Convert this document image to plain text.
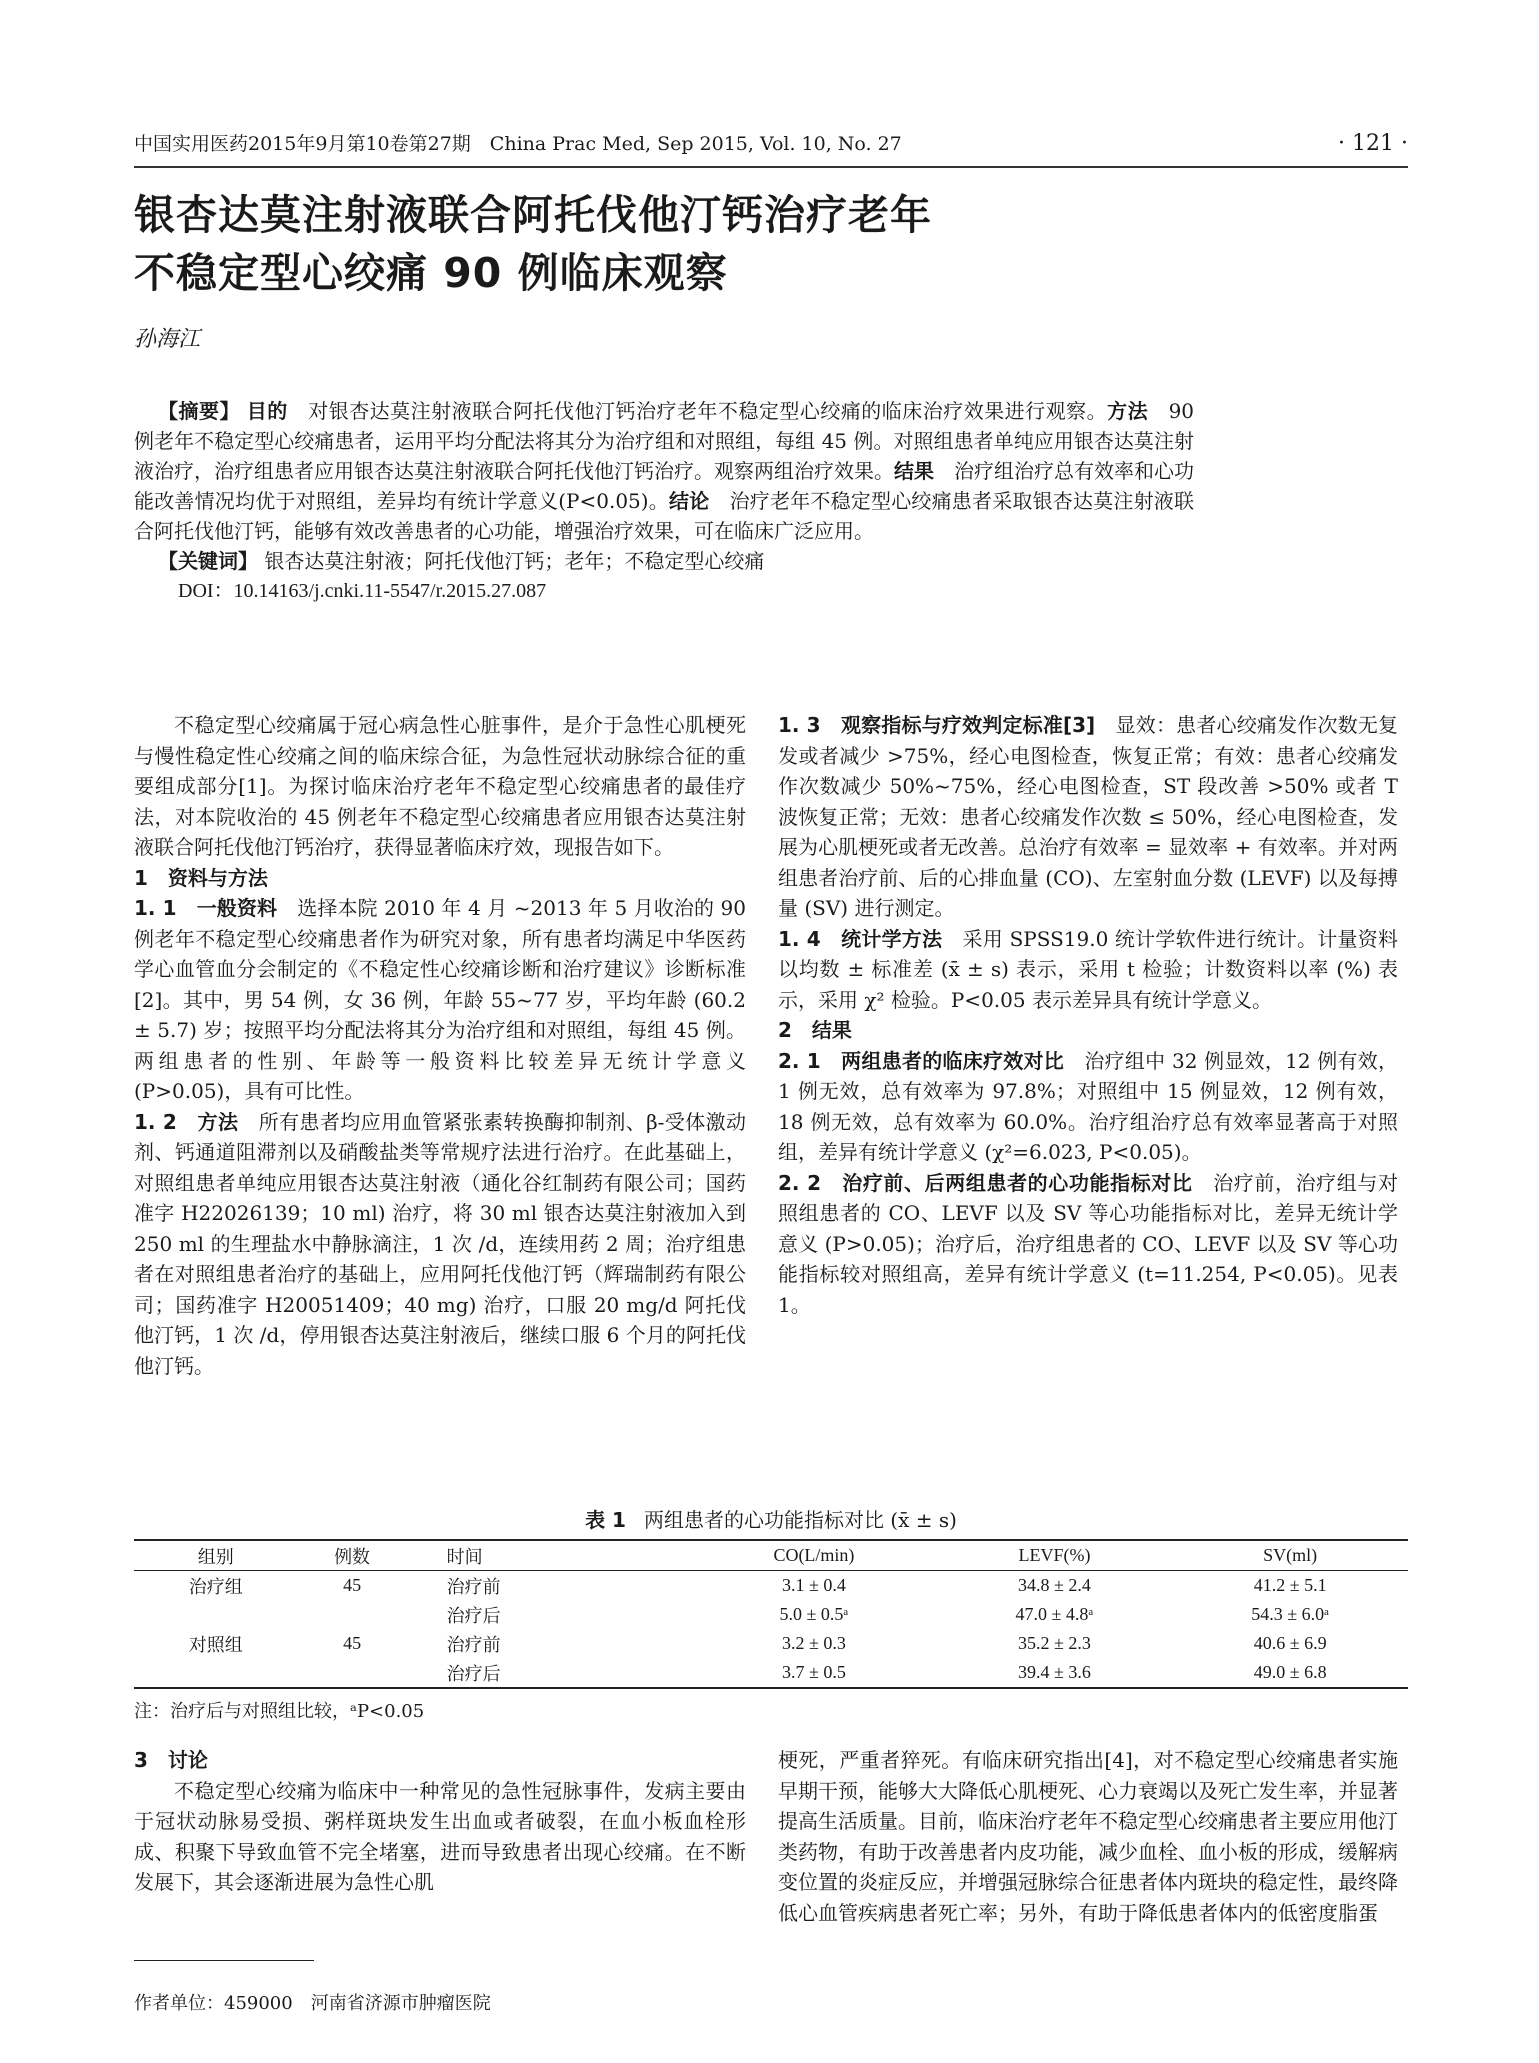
中国实用医药2015年9月第10卷第27期　China Prac Med, Sep 2015, Vol. 10, No. 27	· 121 ·
银杏达莫注射液联合阿托伐他汀钙治疗老年
不稳定型心绞痛 90 例临床观察
孙海江

【摘要】 目的　 对银杏达莫注射液联合阿托伐他汀钙治疗老年不稳定型心绞痛的临床治疗效果进行观察。方法　 90 例老年不稳定型心绞痛患者，运用平均分配法将其分为治疗组和对照组，每组 45 例。对照组患者单纯应用银杏达莫注射液治疗，治疗组患者应用银杏达莫注射液联合阿托伐他汀钙治疗。观察两组治疗效果。结果　 治疗组治疗总有效率和心功能改善情况均优于对照组，差异均有统计学意义(P<0.05)。结论　 治疗老年不稳定型心绞痛患者采取银杏达莫注射液联合阿托伐他汀钙，能够有效改善患者的心功能，增强治疗效果，可在临床广泛应用。

【关键词】 银杏达莫注射液；阿托伐他汀钙；老年；不稳定型心绞痛

DOI：10.14163/j.cnki.11-5547/r.2015.27.087

不稳定型心绞痛属于冠心病急性心脏事件，是介于急性心肌梗死与慢性稳定性心绞痛之间的临床综合征，为急性冠状动脉综合征的重要组成部分[1]。为探讨临床治疗老年不稳定型心绞痛患者的最佳疗法，对本院收治的 45 例老年不稳定型心绞痛患者应用银杏达莫注射液联合阿托伐他汀钙治疗，获得显著临床疗效，现报告如下。

1　资料与方法

1. 1　一般资料　 选择本院 2010 年 4 月 ~2013 年 5 月收治的 90 例老年不稳定型心绞痛患者作为研究对象，所有患者均满足中华医药学心血管血分会制定的《不稳定性心绞痛诊断和治疗建议》诊断标准[2]。其中，男 54 例，女 36 例，年龄 55~77 岁，平均年龄 (60.2 ± 5.7) 岁；按照平均分配法将其分为治疗组和对照组，每组 45 例。两组患者的性别、年龄等一般资料比较差异无统计学意义 (P>0.05)，具有可比性。

1. 2　方法　 所有患者均应用血管紧张素转换酶抑制剂、β-受体激动剂、钙通道阻滞剂以及硝酸盐类等常规疗法进行治疗。在此基础上，对照组患者单纯应用银杏达莫注射液（通化谷红制药有限公司；国药准字 H22026139；10 ml) 治疗，将 30 ml 银杏达莫注射液加入到 250 ml 的生理盐水中静脉滴注，1 次 /d，连续用药 2 周；治疗组患者在对照组患者治疗的基础上，应用阿托伐他汀钙（辉瑞制药有限公司；国药准字 H20051409；40 mg) 治疗，口服 20 mg/d 阿托伐他汀钙，1 次 /d，停用银杏达莫注射液后，继续口服 6 个月的阿托伐他汀钙。

1. 3　观察指标与疗效判定标准[3]　 显效：患者心绞痛发作次数无复发或者减少 >75%，经心电图检查，恢复正常；有效：患者心绞痛发作次数减少 50%~75%，经心电图检查，ST 段改善 >50% 或者 T 波恢复正常；无效：患者心绞痛发作次数 ≤ 50%，经心电图检查，发展为心肌梗死或者无改善。总治疗有效率 = 显效率 + 有效率。并对两组患者治疗前、后的心排血量 (CO)、左室射血分数 (LEVF) 以及每搏量 (SV) 进行测定。

1. 4　统计学方法　 采用 SPSS19.0 统计学软件进行统计。计量资料以均数 ± 标准差 (x̄ ± s) 表示，采用 t 检验；计数资料以率 (%) 表示，采用 χ² 检验。P<0.05 表示差异具有统计学意义。

2　结果

2. 1　两组患者的临床疗效对比　 治疗组中 32 例显效，12 例有效，1 例无效，总有效率为 97.8%；对照组中 15 例显效，12 例有效，18 例无效，总有效率为 60.0%。治疗组治疗总有效率显著高于对照组，差异有统计学意义 (χ²=6.023, P<0.05)。

2. 2　治疗前、后两组患者的心功能指标对比　 治疗前，治疗组与对照组患者的 CO、LEVF 以及 SV 等心功能指标对比，差异无统计学意义 (P>0.05)；治疗后，治疗组患者的 CO、LEVF 以及 SV 等心功能指标较对照组高，差异有统计学意义 (t=11.254, P<0.05)。见表 1。

表 1 两组患者的心功能指标对比 (x̄ ± s)
组别	例数	时间	CO(L/min)	LEVF(%)	SV(ml)
治疗组	45	治疗前	3.1 ± 0.4	34.8 ± 2.4	41.2 ± 5.1
		治疗后	5.0 ± 0.5ᵃ	47.0 ± 4.8ᵃ	54.3 ± 6.0ᵃ
对照组	45	治疗前	3.2 ± 0.3	35.2 ± 2.3	40.6 ± 6.9
		治疗后	3.7 ± 0.5	39.4 ± 3.6	49.0 ± 6.8
注：治疗后与对照组比较，ᵃP<0.05

3　讨论

不稳定型心绞痛为临床中一种常见的急性冠脉事件，发病主要由于冠状动脉易受损、粥样斑块发生出血或者破裂，在血小板血栓形成、积聚下导致血管不完全堵塞，进而导致患者出现心绞痛。在不断发展下，其会逐渐进展为急性心肌

梗死，严重者猝死。有临床研究指出[4]，对不稳定型心绞痛患者实施早期干预，能够大大降低心肌梗死、心力衰竭以及死亡发生率，并显著提高生活质量。目前，临床治疗老年不稳定型心绞痛患者主要应用他汀类药物，有助于改善患者内皮功能，减少血栓、血小板的形成，缓解病变位置的炎症反应，并增强冠脉综合征患者体内斑块的稳定性，最终降低心血管疾病患者死亡率；另外，有助于降低患者体内的低密度脂蛋

作者单位：459000　河南省济源市肿瘤医院
